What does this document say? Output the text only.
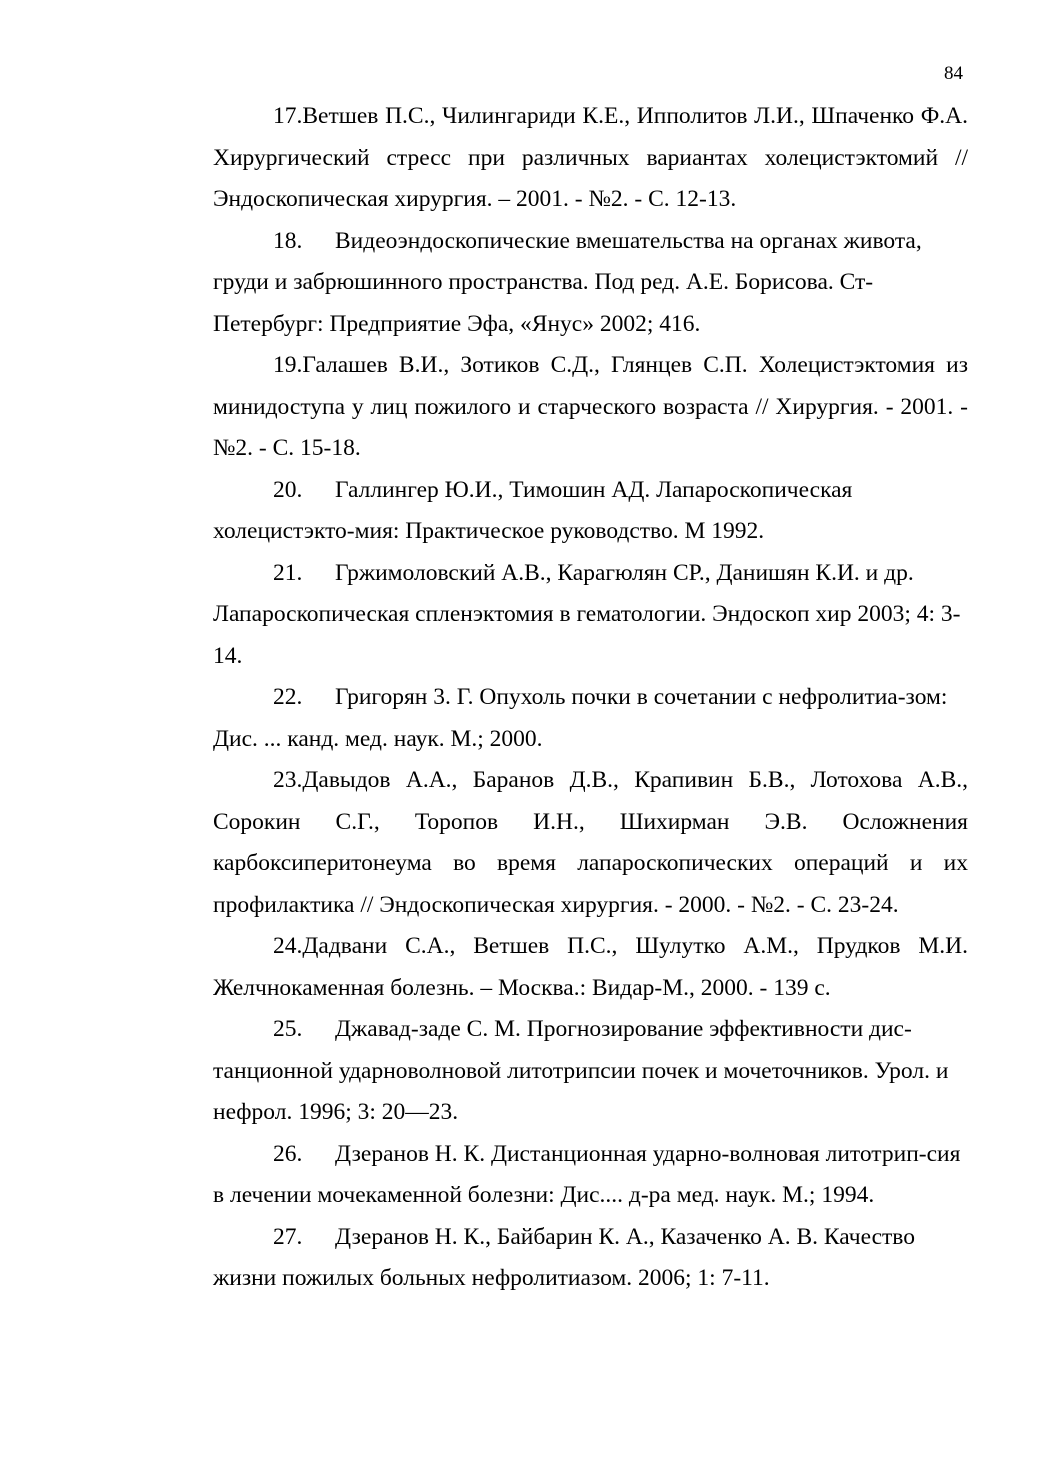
84

17.Ветшев П.С., Чилингариди К.Е., Ипполитов Л.И., Шпаченко Ф.А. Хирургический стресс при различных вариантах холецистэктомий // Эндоскопическая хирургия. – 2001. - №2. - С. 12-13.

18. Видеоэндоскопические вмешательства на органах живота, груди и забрюшинного пространства. Под ред. А.Е. Борисова. Ст-Петербург: Предприятие Эфа, «Янус» 2002; 416.

19.Галашев В.И., Зотиков С.Д., Глянцев С.П. Холецистэктомия из минидоступа у лиц пожилого и старческого возраста // Хирургия. - 2001. - №2. - С. 15-18.

20. Галлингер Ю.И., Тимошин АД. Лапароскопическая холецистэкто-мия: Практическое руководство. М 1992.

21. Гржимоловский А.В., Карагюлян СР., Данишян К.И. и др. Лапароскопическая спленэктомия в гематологии. Эндоскоп хир 2003; 4: 3-14.

22. Григорян 3. Г. Опухоль почки в сочетании с нефролитиа-зом: Дис. ... канд. мед. наук. М.; 2000.

23.Давыдов А.А., Баранов Д.В., Крапивин Б.В., Лотохова А.В., Сорокин С.Г., Торопов И.Н., Шихирман Э.В. Осложнения карбоксиперитонеума во время лапароскопических операций и их профилактика // Эндоскопическая хирургия. - 2000. - №2. - С. 23-24.

24.Дадвани С.А., Ветшев П.С., Шулутко А.М., Прудков М.И. Желчнокаменная болезнь. – Москва.: Видар-М., 2000. - 139 с.

25. Джавад-заде С. М. Прогнозирование эффективности дис-танционной ударноволновой литотрипсии почек и мочеточников. Урол. и нефрол. 1996; 3: 20—23.

26. Дзеранов Н. К. Дистанционная ударно-волновая литотрип-сия в лечении мочекаменной болезни: Дис.... д-ра мед. наук. М.; 1994.

27. Дзеранов Н. К., Байбарин К. А., Казаченко А. В. Качество жизни пожилых больных нефролитиазом. 2006; 1: 7-11.
